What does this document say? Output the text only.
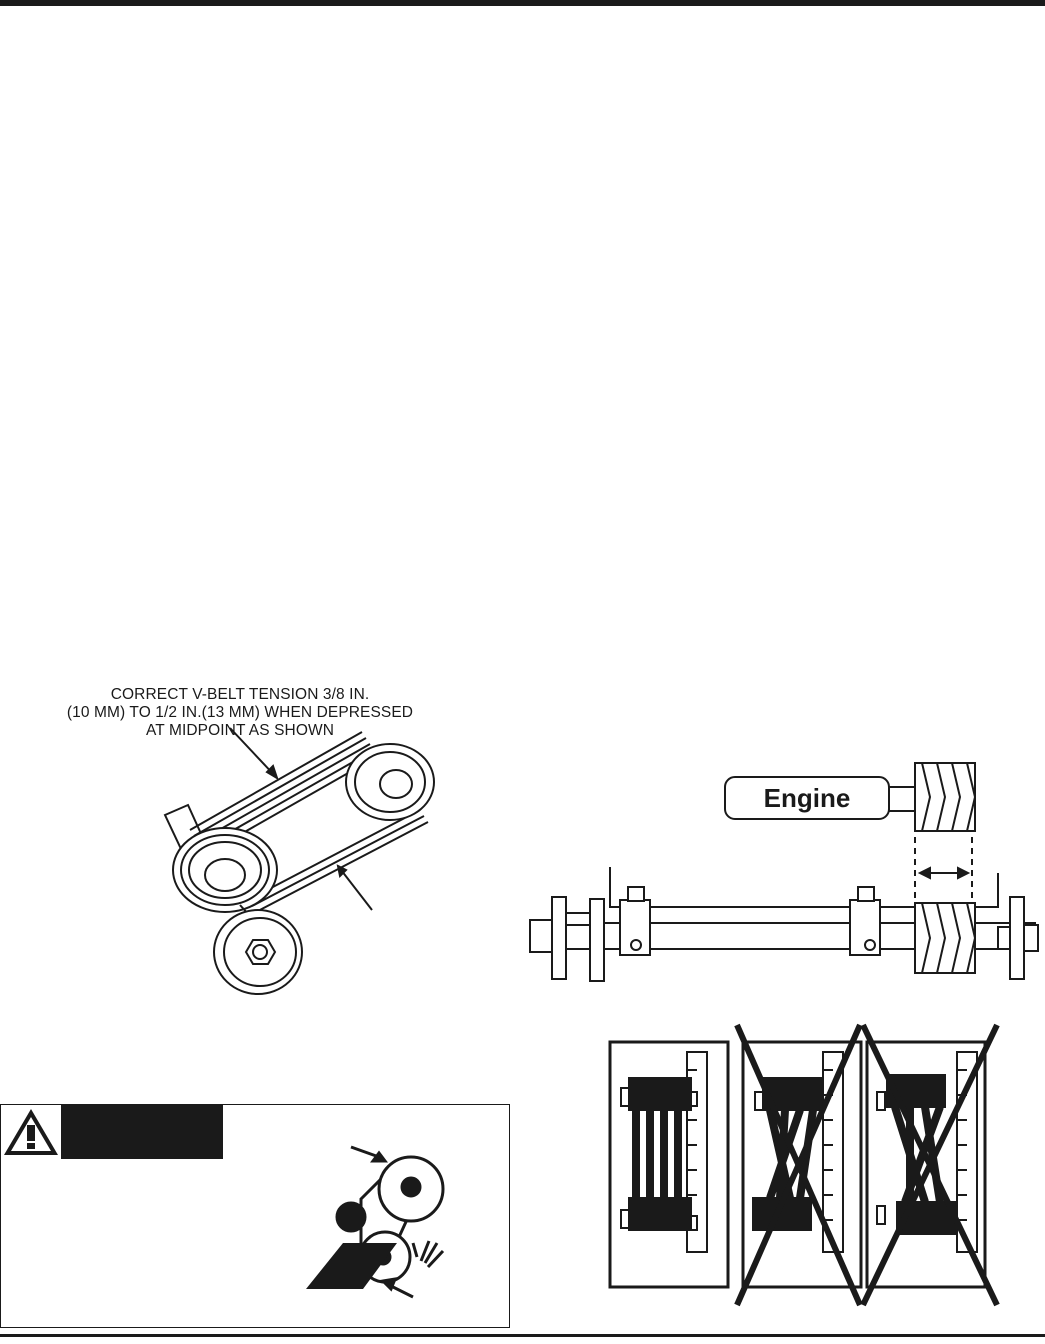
CORRECT V-BELT TENSION 3/8 IN.
(10 MM) TO 1/2 IN.(13 MM) WHEN DEPRESSED
AT MIDPOINT AS SHOWN
Engine
